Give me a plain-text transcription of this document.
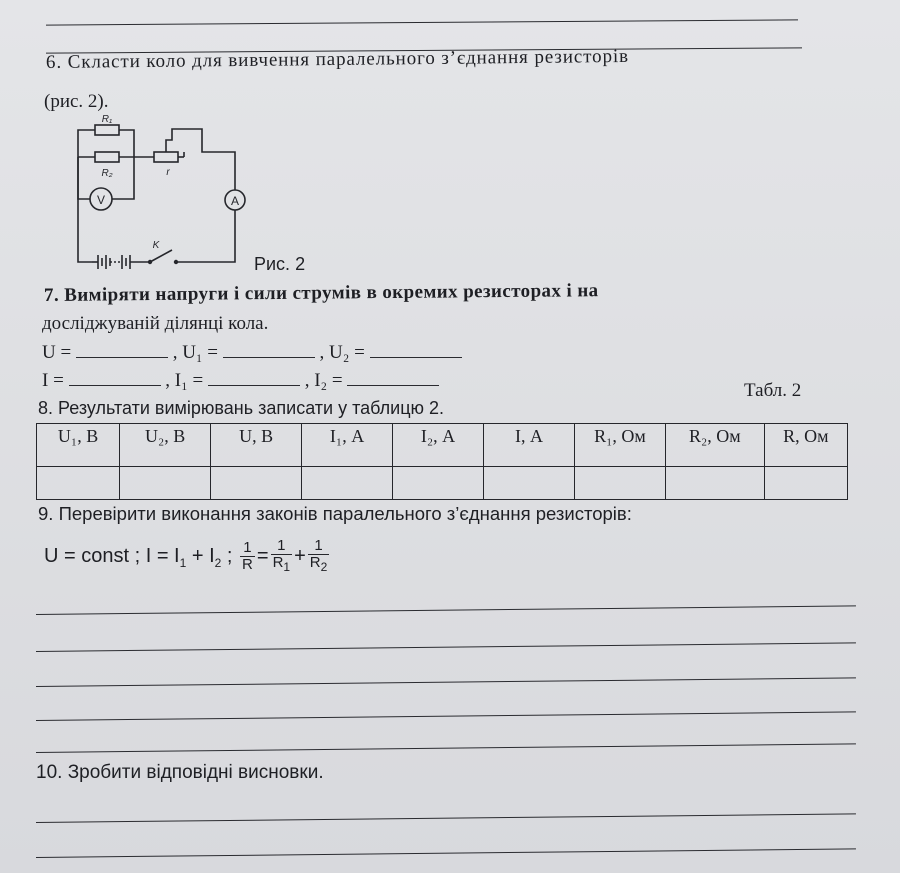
6. Скласти коло для вивчення паралельного з’єднання резисторів
(рис. 2).
V	A
R₁
R₂	r
K
Рис. 2
7. Виміряти напруги і сили струмів в окремих резисторах і на
досліджуваній ділянці кола.
U =	, U₁ =	, U₂ =
I =	, I₁ =	, I₂ =
8. Результати вимірювань записати у таблицю 2.
Табл. 2
U₁, В	U₂, В	U, В	I₁, А	I₂, А	I, А	R₁, Ом	R₂, Ом	R, Ом

9. Перевірити виконання законів паралельного з’єднання резисторів:
U = const ; $I = I_1 + I_2$ ; $\frac{1}{R} = \frac{1}{R_1} + \frac{1}{R_2}$
10. Зробити відповідні висновки.
